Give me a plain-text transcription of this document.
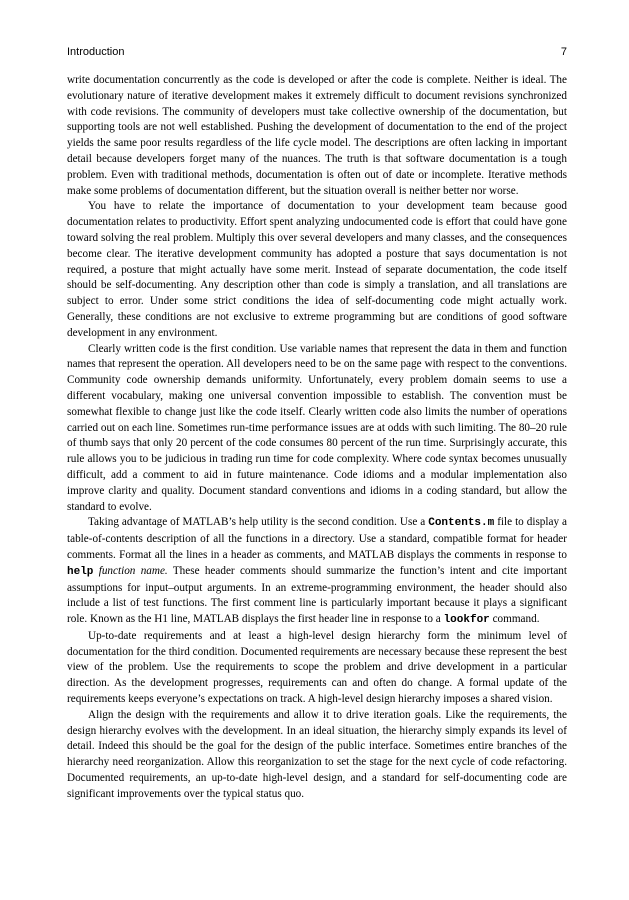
Introduction	7

write documentation concurrently as the code is developed or after the code is complete. Neither is ideal. The evolutionary nature of iterative development makes it extremely difficult to document revisions synchronized with code revisions. The community of developers must take collective ownership of the documentation, but supporting tools are not well established. Pushing the development of documentation to the end of the project yields the same poor results regardless of the life cycle model. The descriptions are often lacking in important detail because developers forget many of the nuances. The truth is that software documentation is a tough problem. Even with traditional methods, documentation is often out of date or incomplete. Iterative methods make some problems of documentation different, but the situation overall is neither better nor worse.

You have to relate the importance of documentation to your development team because good documentation relates to productivity. Effort spent analyzing undocumented code is effort that could have gone toward solving the real problem. Multiply this over several developers and many classes, and the consequences become clear. The iterative development community has adopted a posture that says documentation is not required, a posture that might actually have some merit. Instead of separate documentation, the code itself should be self-documenting. Any description other than code is simply a translation, and all translations are subject to error. Under some strict conditions the idea of self-documenting code might actually work. Generally, these conditions are not exclusive to extreme programming but are conditions of good software development in any environment.

Clearly written code is the first condition. Use variable names that represent the data in them and function names that represent the operation. All developers need to be on the same page with respect to the conventions. Community code ownership demands uniformity. Unfortunately, every problem domain seems to use a different vocabulary, making one universal convention impossible to establish. The convention must be somewhat flexible to change just like the code itself. Clearly written code also limits the number of operations carried out on each line. Sometimes run-time performance issues are at odds with such limiting. The 80–20 rule of thumb says that only 20 percent of the code consumes 80 percent of the run time. Surprisingly accurate, this rule allows you to be judicious in trading run time for code complexity. Where code syntax becomes unusually difficult, add a comment to aid in future maintenance. Code idioms and a modular implementation also improve clarity and quality. Document standard conventions and idioms in a coding standard, but allow the standard to evolve.

Taking advantage of MATLAB’s help utility is the second condition. Use a Contents.m file to display a table-of-contents description of all the functions in a directory. Use a standard, compatible format for header comments. Format all the lines in a header as comments, and MATLAB displays the comments in response to help function name. These header comments should summarize the function’s intent and cite important assumptions for input–output arguments. In an extreme-programming environment, the header should also include a list of test functions. The first comment line is particularly important because it plays a significant role. Known as the H1 line, MATLAB displays the first header line in response to a lookfor command.

Up-to-date requirements and at least a high-level design hierarchy form the minimum level of documentation for the third condition. Documented requirements are necessary because these represent the best view of the problem. Use the requirements to scope the problem and drive development in a particular direction. As the development progresses, requirements can and often do change. A formal update of the requirements keeps everyone’s expectations on track. A high-level design hierarchy imposes a shared vision.

Align the design with the requirements and allow it to drive iteration goals. Like the requirements, the design hierarchy evolves with the development. In an ideal situation, the hierarchy simply expands its level of detail. Indeed this should be the goal for the design of the public interface. Sometimes entire branches of the hierarchy need reorganization. Allow this reorganization to set the stage for the next cycle of code refactoring. Documented requirements, an up-to-date high-level design, and a standard for self-documenting code are significant improvements over the typical status quo.
